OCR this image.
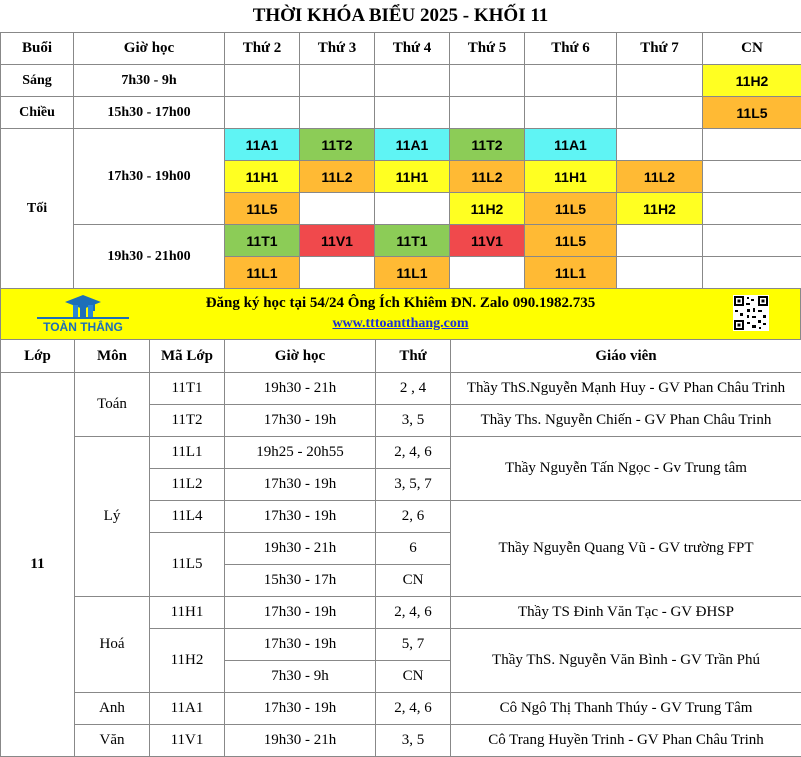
THỜI KHÓA BIỂU 2025 - KHỐI 11
Buổi	Giờ học	Thứ 2	Thứ 3	Thứ 4	Thứ 5	Thứ 6	Thứ 7	CN
Sáng	7h30 - 9h							11H2
Chiều	15h30 - 17h00							11L5
Tối	17h30 - 19h00	11A1	11T2	11A1	11T2	11A1		
		11H1	11L2	11H1	11L2	11H1	11L2	
		11L5			11H2	11L5	11H2	
	19h30 - 21h00	11T1	11V1	11T1	11V1	11L5		
		11L1		11L1		11L1		
TOÀN THẮNG
Đăng ký học tại 54/24 Ông Ích Khiêm ĐN. Zalo 090.1982.735
www.tttoantthang.com
Lớp	Môn	Mã Lớp	Giờ học	Thứ	Giáo viên
11	Toán	11T1	19h30 - 21h	2 , 4	Thầy ThS.Nguyễn Mạnh Huy - GV Phan Châu Trinh
		11T2	17h30 - 19h	3, 5	Thầy Ths. Nguyễn Chiến - GV Phan Châu Trinh
	Lý	11L1	19h25 - 20h55	2, 4, 6	Thầy Nguyễn Tấn Ngọc - Gv Trung tâm
		11L2	17h30 - 19h	3, 5, 7	
		11L4	17h30 - 19h	2, 6	Thầy Nguyễn Quang Vũ - GV trường FPT
		11L5	19h30 - 21h	6	
			15h30 - 17h	CN	
	Hoá	11H1	17h30 - 19h	2, 4, 6	Thầy TS Đinh Văn Tạc - GV ĐHSP
		11H2	17h30 - 19h	5, 7	Thầy ThS. Nguyễn Văn Bình - GV Trần Phú
			7h30 - 9h	CN	
	Anh	11A1	17h30 - 19h	2, 4, 6	Cô Ngô Thị Thanh Thúy - GV Trung Tâm
	Văn	11V1	19h30 - 21h	3, 5	Cô Trang Huyền Trinh - GV Phan Châu Trinh
